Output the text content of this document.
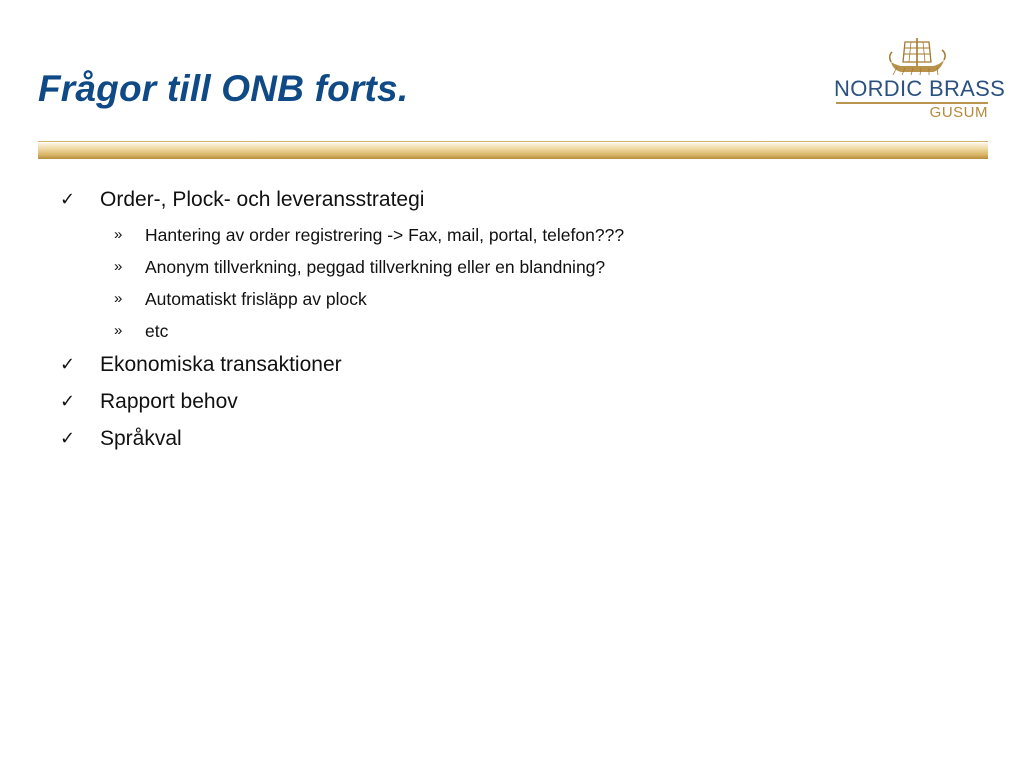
Frågor till ONB forts.	NORDIC BRASS
GUSUM
✓ Order-, Plock- och leveransstrategi
» Hantering av order registrering -> Fax, mail, portal, telefon???
» Anonym tillverkning, peggad tillverkning eller en blandning?
» Automatiskt frisläpp av plock
» etc
✓ Ekonomiska transaktioner
✓ Rapport behov
✓ Språkval
